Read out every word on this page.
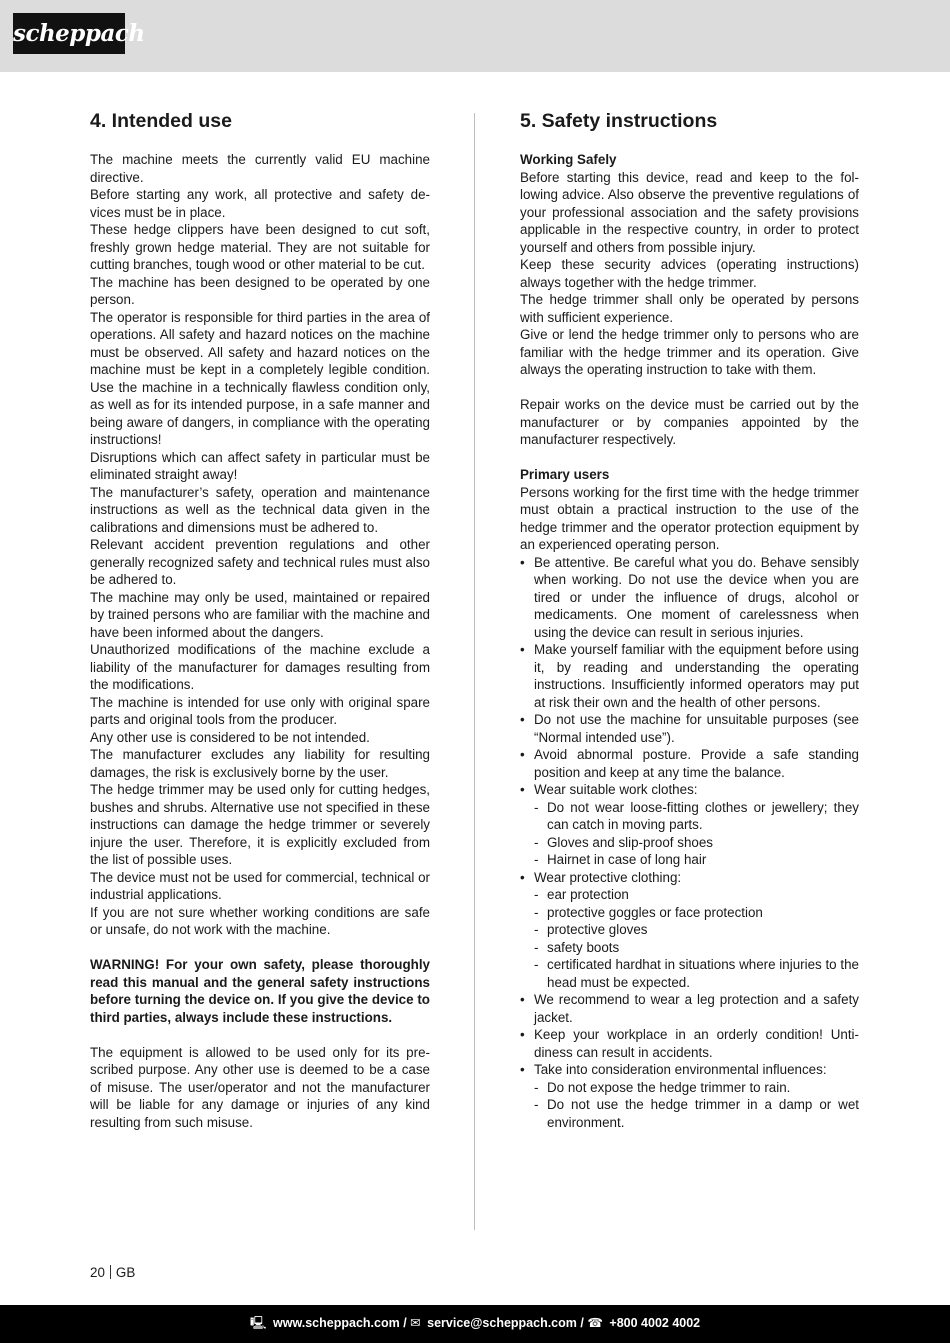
scheppach
4. Intended use

The machine meets the currently valid EU machine directive.

Before starting any work, all protective and safety devices must be in place.

These hedge clippers have been designed to cut soft, freshly grown hedge material. They are not suitable for cutting branches, tough wood or other material to be cut.

The machine has been designed to be operated by one person.

The operator is responsible for third parties in the area of operations. All safety and hazard notices on the machine must be observed. All safety and hazard notices on the machine must be kept in a completely legible condition. Use the machine in a technically flawless condition only, as well as for its intended purpose, in a safe manner and being aware of dangers, in compliance with the operating instructions!

Disruptions which can affect safety in particular must be eliminated straight away!

The manufacturer’s safety, operation and maintenance instructions as well as the technical data given in the calibrations and dimensions must be adhered to.

Relevant accident prevention regulations and other generally recognized safety and technical rules must also be adhered to.

The machine may only be used, maintained or repaired by trained persons who are familiar with the machine and have been informed about the dangers.

Unauthorized modifications of the machine exclude a liability of the manufacturer for damages resulting from the modifications.

The machine is intended for use only with original spare parts and original tools from the producer.

Any other use is considered to be not intended.

The manufacturer excludes any liability for resulting damages, the risk is exclusively borne by the user.

The hedge trimmer may be used only for cutting hedges, bushes and shrubs. Alternative use not specified in these instructions can damage the hedge trimmer or severely injure the user. Therefore, it is explicitly excluded from the list of possible uses.

The device must not be used for commercial, technical or industrial applications.

If you are not sure whether working conditions are safe or unsafe, do not work with the machine.

WARNING! For your own safety, please thoroughly read this manual and the general safety instructions before turning the device on. If you give the device to third parties, always include these instructions.

The equipment is allowed to be used only for its prescribed purpose. Any other use is deemed to be a case of misuse. The user/operator and not the manufacturer will be liable for any damage or injuries of any kind resulting from such misuse.

5. Safety instructions

Working Safely

Before starting this device, read and keep to the following advice. Also observe the preventive regulations of your professional association and the safety provisions applicable in the respective country, in order to protect yourself and others from possible injury.

Keep these security advices (operating instructions) always together with the hedge trimmer.

The hedge trimmer shall only be operated by persons with sufficient experience.

Give or lend the hedge trimmer only to persons who are familiar with the hedge trimmer and its operation. Give always the operating instruction to take with them.

Repair works on the device must be carried out by the manufacturer or by companies appointed by the manufacturer respectively.

Primary users

Persons working for the first time with the hedge trimmer must obtain a practical instruction to the use of the hedge trimmer and the operator protection equipment by an experienced operating person.

• Be attentive. Be careful what you do. Behave sensibly when working. Do not use the device when you are tired or under the influence of drugs, alcohol or medicaments. One moment of carelessness when using the device can result in serious injuries.
• Make yourself familiar with the equipment before using it, by reading and understanding the operating instructions. Insufficiently informed operators may put at risk their own and the health of other persons.
• Do not use the machine for unsuitable purposes (see “Normal intended use”).
• Avoid abnormal posture. Provide a safe standing position and keep at any time the balance.
• Wear suitable work clothes:
- Do not wear loose-fitting clothes or jewellery; they can catch in moving parts.
- Gloves and slip-proof shoes
- Hairnet in case of long hair
• Wear protective clothing:
- ear protection
- protective goggles or face protection
- protective gloves
- safety boots
- certificated hardhat in situations where injuries to the head must be expected.
• We recommend to wear a leg protection and a safety jacket.
• Keep your workplace in an orderly condition! Untidiness can result in accidents.
• Take into consideration environmental influences:
- Do not expose the hedge trimmer to rain.
- Do not use the hedge trimmer in a damp or wet environment.
20 GB
🖳︎ www.scheppach.com / ✉︎ service@scheppach.com / ☎︎ +800 4002 4002
